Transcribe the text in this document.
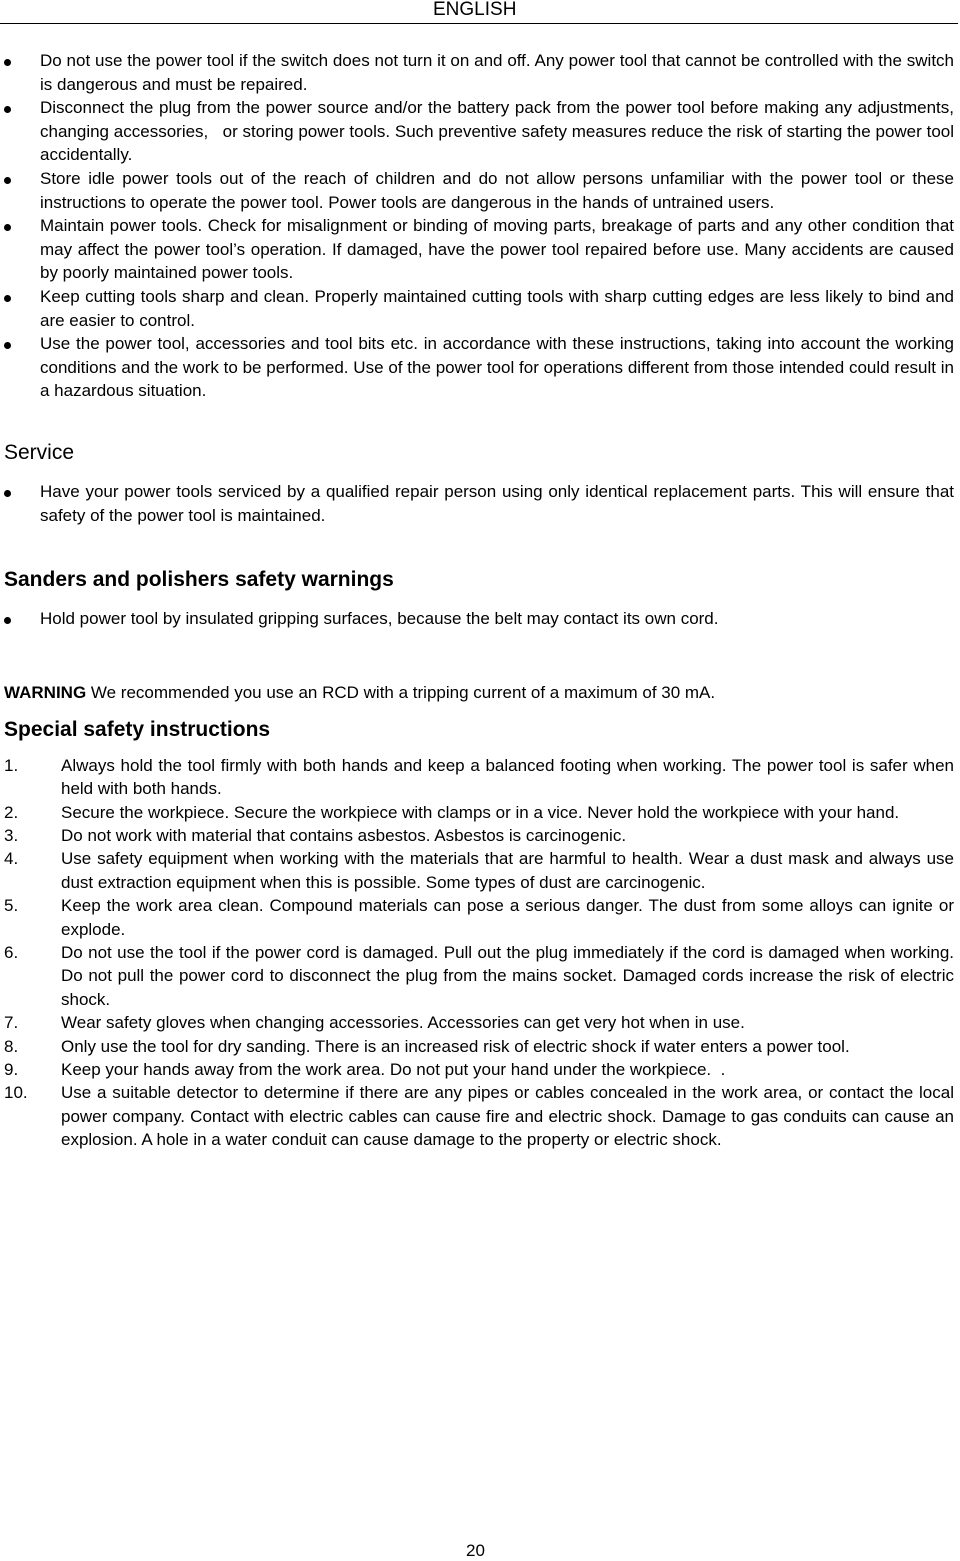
ENGLISH
Do not use the power tool if the switch does not turn it on and off. Any power tool that cannot be controlled with the switch is dangerous and must be repaired.
Disconnect the plug from the power source and/or the battery pack from the power tool before making any adjustments, changing accessories,   or storing power tools. Such preventive safety measures reduce the risk of starting the power tool accidentally.
Store idle power tools out of the reach of children and do not allow persons unfamiliar with the power tool or these instructions to operate the power tool. Power tools are dangerous in the hands of untrained users.
Maintain power tools. Check for misalignment or binding of moving parts, breakage of parts and any other condition that may affect the power tool’s operation. If damaged, have the power tool repaired before use. Many accidents are caused by poorly maintained power tools.
Keep cutting tools sharp and clean. Properly maintained cutting tools with sharp cutting edges are less likely to bind and are easier to control.
Use the power tool, accessories and tool bits etc. in accordance with these instructions, taking into account the working conditions and the work to be performed. Use of the power tool for operations different from those intended could result in a hazardous situation.
Service
Have your power tools serviced by a qualified repair person using only identical replacement parts. This will ensure that safety of the power tool is maintained.
Sanders and polishers safety warnings
Hold power tool by insulated gripping surfaces, because the belt may contact its own cord.
WARNING We recommended you use an RCD with a tripping current of a maximum of 30 mA.
Special safety instructions
1.	Always hold the tool firmly with both hands and keep a balanced footing when working. The power tool is safer when held with both hands.
2.	Secure the workpiece. Secure the workpiece with clamps or in a vice. Never hold the workpiece with your hand.
3.	Do not work with material that contains asbestos. Asbestos is carcinogenic.
4.	Use safety equipment when working with the materials that are harmful to health. Wear a dust mask and always use dust extraction equipment when this is possible. Some types of dust are carcinogenic.
5.	Keep the work area clean. Compound materials can pose a serious danger. The dust from some alloys can ignite or explode.
6.	Do not use the tool if the power cord is damaged. Pull out the plug immediately if the cord is damaged when working. Do not pull the power cord to disconnect the plug from the mains socket. Damaged cords increase the risk of electric shock.
7.	Wear safety gloves when changing accessories. Accessories can get very hot when in use.
8.	Only use the tool for dry sanding. There is an increased risk of electric shock if water enters a power tool.
9.	Keep your hands away from the work area. Do not put your hand under the workpiece.  .
10. Use a suitable detector to determine if there are any pipes or cables concealed in the work area, or contact the local power company. Contact with electric cables can cause fire and electric shock. Damage to gas conduits can cause an explosion. A hole in a water conduit can cause damage to the property or electric shock.
20
